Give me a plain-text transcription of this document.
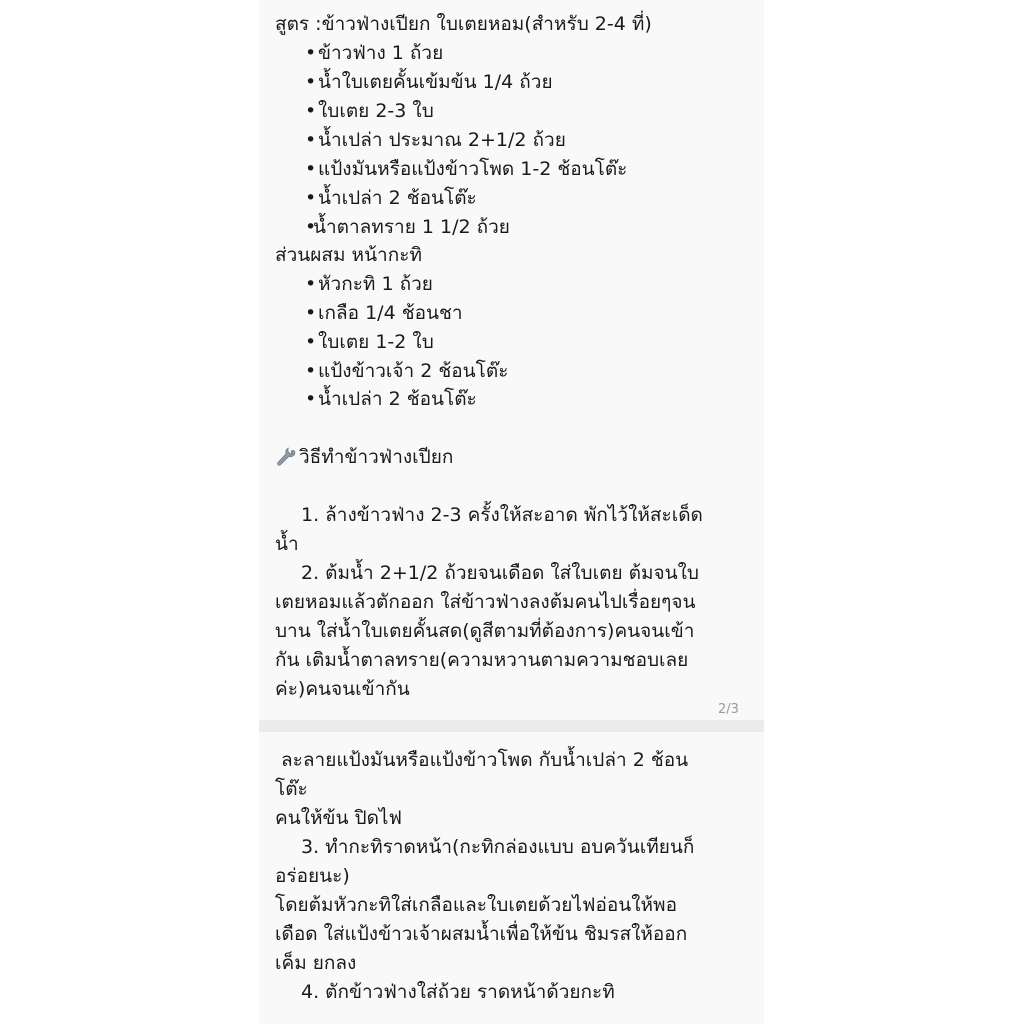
สูตร :ข้าวฟ่างเปียก ใบเตยหอม(สำหรับ 2-4 ที่)
•ข้าวฟ่าง 1 ถ้วย
•น้ำใบเตยคั้นเข้มข้น 1/4 ถ้วย
•ใบเตย 2-3 ใบ
•น้ำเปล่า ประมาณ 2+1/2 ถ้วย
•แป้งมันหรือแป้งข้าวโพด 1-2 ช้อนโต๊ะ
•น้ำเปล่า 2 ช้อนโต๊ะ
•น้ำตาลทราย 1 1/2 ถ้วย
ส่วนผสม หน้ากะทิ
•หัวกะทิ 1 ถ้วย
•เกลือ 1/4 ช้อนชา
•ใบเตย 1-2 ใบ
•แป้งข้าวเจ้า 2 ช้อนโต๊ะ
•น้ำเปล่า 2 ช้อนโต๊ะ
วิธีทำข้าวฟ่างเปียก
1. ล้างข้าวฟ่าง 2-3 ครั้งให้สะอาด พักไว้ให้สะเด็ด
น้ำ
2. ต้มน้ำ 2+1/2 ถ้วยจนเดือด ใส่ใบเตย ต้มจนใบ
เตยหอมแล้วตักออก ใส่ข้าวฟ่างลงต้มคนไปเรื่อยๆจน
บาน ใส่น้ำใบเตยคั้นสด(ดูสีตามที่ต้องการ)คนจนเข้า
กัน เติมน้ำตาลทราย(ความหวานตามความชอบเลย
ค่ะ)คนจนเข้ากัน
2/3
ละลายแป้งมันหรือแป้งข้าวโพด กับน้ำเปล่า 2 ช้อน
โต๊ะ
คนให้ข้น ปิดไฟ
3. ทำกะทิราดหน้า(กะทิกล่องแบบ อบควันเทียนก็
อร่อยนะ)
โดยต้มหัวกะทิใส่เกลือและใบเตยด้วยไฟอ่อนให้พอ
เดือด ใส่แป้งข้าวเจ้าผสมน้ำเพื่อให้ข้น ชิมรสให้ออก
เค็ม ยกลง
4. ตักข้าวฟ่างใส่ถ้วย ราดหน้าด้วยกะทิ
